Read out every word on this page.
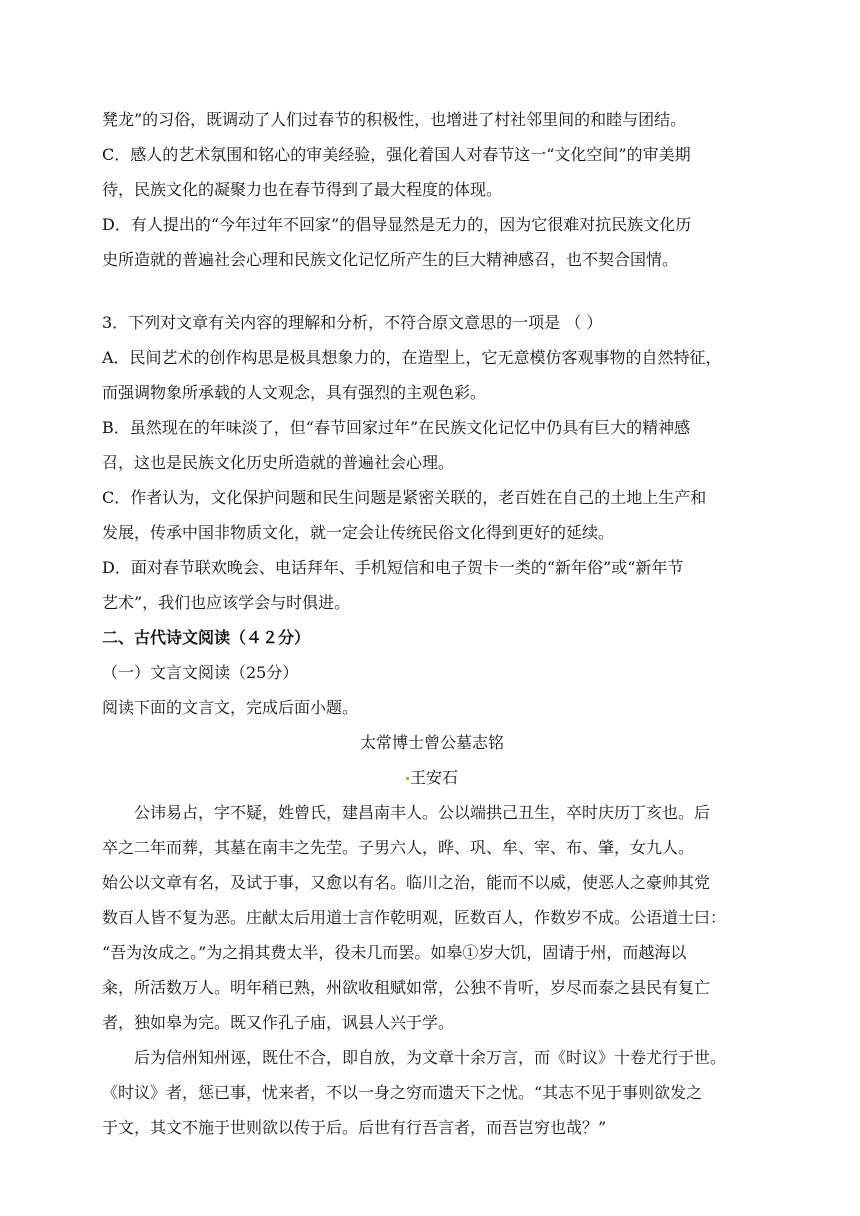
凳龙”的习俗，既调动了人们过春节的积极性，也增进了村社邻里间的和睦与团结。

C．感人的艺术氛围和铭心的审美经验，强化着国人对春节这一“文化空间”的审美期

待，民族文化的凝聚力也在春节得到了最大程度的体现。

D．有人提出的“今年过年不回家”的倡导显然是无力的，因为它很难对抗民族文化历

史所造就的普遍社会心理和民族文化记忆所产生的巨大精神感召，也不契合国情。

3．下列对文章有关内容的理解和分析，不符合原文意思的一项是 （ ）

A．民间艺术的创作构思是极具想象力的，在造型上，它无意模仿客观事物的自然特征，

而强调物象所承载的人文观念，具有强烈的主观色彩。

B．虽然现在的年味淡了，但“春节回家过年”在民族文化记忆中仍具有巨大的精神感

召，这也是民族文化历史所造就的普遍社会心理。

C．作者认为，文化保护问题和民生问题是紧密关联的，老百姓在自己的土地上生产和

发展，传承中国非物质文化，就一定会让传统民俗文化得到更好的延续。

D．面对春节联欢晚会、电话拜年、手机短信和电子贺卡一类的“新年俗”或“新年节

艺术”，我们也应该学会与时俱进。

二、古代诗文阅读（４２分）

（一）文言文阅读（25分）

阅读下面的文言文，完成后面小题。

太常博士曾公墓志铭

王安石

公讳易占，字不疑，姓曾氏，建昌南丰人。公以端拱己丑生，卒时庆历丁亥也。后

卒之二年而葬，其墓在南丰之先茔。子男六人，晔、巩、牟、宰、布、肇，女九人。

始公以文章有名，及试于事，又愈以有名。临川之治，能而不以威，使恶人之豪帅其党

数百人皆不复为恶。庄献太后用道士言作乾明观，匠数百人，作数岁不成。公语道士曰：

“吾为汝成之。”为之捐其费太半，役未几而罢。如皋①岁大饥，固请于州，而越海以

籴，所活数万人。明年稍已熟，州欲收租赋如常，公独不肯听，岁尽而泰之县民有复亡

者，独如皋为完。既又作孔子庙，讽县人兴于学。

后为信州知州诬，既仕不合，即自放，为文章十余万言，而《时议》十卷尤行于世。

《时议》者，惩已事，忧来者，不以一身之穷而遗天下之忧。“其志不见于事则欲发之

于文，其文不施于世则欲以传于后。后世有行吾言者，而吾岂穷也哉？”
